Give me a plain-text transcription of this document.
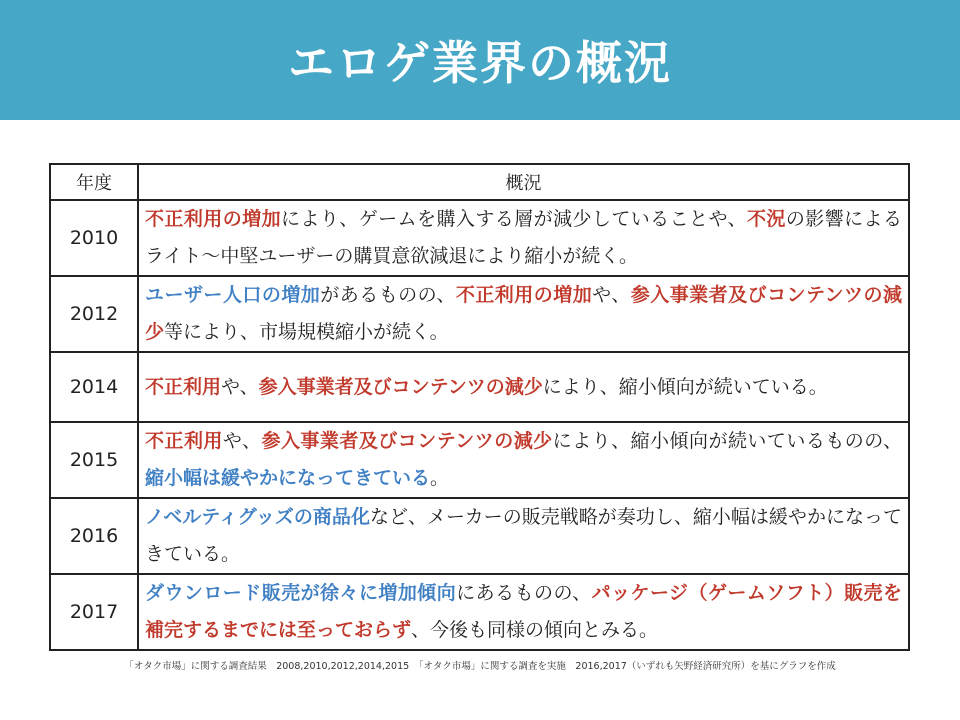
エロゲ業界の概況
年度	概況
2010	不正利用の増加により、ゲームを購入する層が減少していることや、不況の影響によるライト～中堅ユーザーの購買意欲減退により縮小が続く。
2012	ユーザー人口の増加があるものの、不正利用の増加や、参入事業者及びコンテンツの減少等により、市場規模縮小が続く。
2014	不正利用や、参入事業者及びコンテンツの減少により、縮小傾向が続いている。
2015	不正利用や、参入事業者及びコンテンツの減少により、縮小傾向が続いているものの、縮小幅は緩やかになってきている。
2016	ノベルティグッズの商品化など、メーカーの販売戦略が奏功し、縮小幅は緩やかになってきている。
2017	ダウンロード販売が徐々に増加傾向にあるものの、パッケージ（ゲームソフト）販売を補完するまでには至っておらず、今後も同様の傾向とみる。
「オタク市場」に関する調査結果　2008,2010,2012,2014,2015　「オタク市場」に関する調査を実施　2016,2017（いずれも矢野経済研究所）を基にグラフを作成
